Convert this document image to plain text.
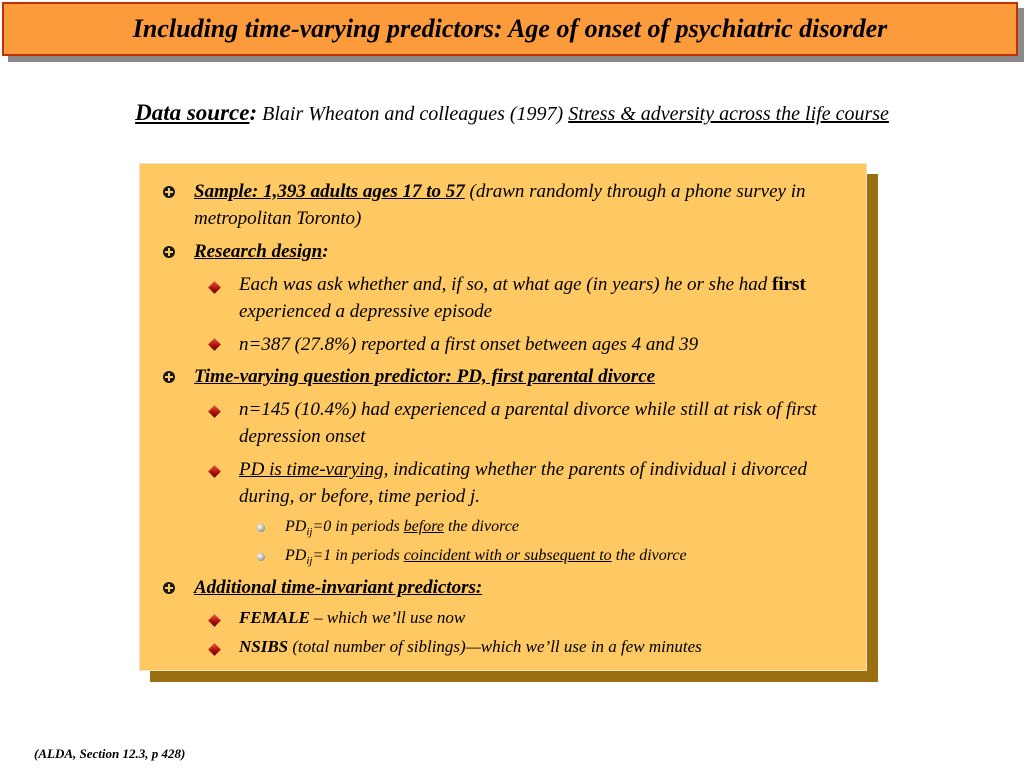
Including time-varying predictors: Age of onset of psychiatric disorder
Data source: Blair Wheaton and colleagues (1997) Stress & adversity across the life course
Sample: 1,393 adults ages 17 to 57 (drawn randomly through a phone survey in metropolitan Toronto)
Research design:
Each was ask whether and, if so, at what age (in years) he or she had first experienced a depressive episode
n=387 (27.8%) reported a first onset between ages 4 and 39
Time-varying question predictor: PD, first parental divorce
n=145 (10.4%) had experienced a parental divorce while still at risk of first depression onset
PD is time-varying, indicating whether the parents of individual i divorced during, or before, time period j.
$PD_{ij}=0$ in periods before the divorce
$PD_{ij}=1$ in periods coincident with or subsequent to the divorce
Additional time-invariant predictors:
FEMALE – which we’ll use now
NSIBS (total number of siblings)—which we’ll use in a few minutes
(ALDA, Section 12.3, p 428)
